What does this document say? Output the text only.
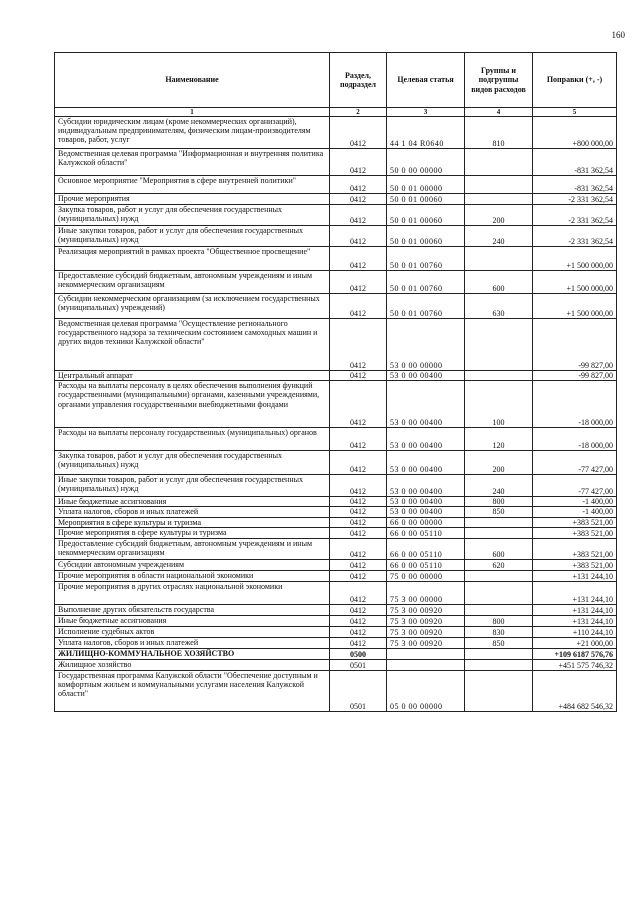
160
Наименование	Раздел, подраздел	Целевая статья	Группы и подгруппы видов расходов	Поправки (+, -)
1	2	3	4	5
Субсидии юридическим лицам (кроме некоммерческих организаций), индивидуальным предпринимателям, физическим лицам-производителям товаров, работ, услуг	0412	44 1 04 R0640	810	+800 000,00
Ведомственная целевая программа "Информационная и внутренняя политика Калужской области"	0412	50 0 00 00000		-831 362,54
Основное мероприятие "Мероприятия в сфере внутренней политики"	0412	50 0 01 00000		-831 362,54
Прочие мероприятия	0412	50 0 01 00060		-2 331 362,54
Закупка товаров, работ и услуг для обеспечения государственных (муниципальных) нужд	0412	50 0 01 00060	200	-2 331 362,54
Иные закупки товаров, работ и услуг для обеспечения государственных (муниципальных) нужд	0412	50 0 01 00060	240	-2 331 362,54
Реализация мероприятий в рамках проекта "Общественное просвещение"	0412	50 0 01 00760		+1 500 000,00
Предоставление субсидий бюджетным, автономным учреждениям и иным некоммерческим организациям	0412	50 0 01 00760	600	+1 500 000,00
Субсидии некоммерческим организациям (за исключением государственных (муниципальных) учреждений)	0412	50 0 01 00760	630	+1 500 000,00
Ведомственная целевая программа "Осуществление регионального государственного надзора за техническим состоянием самоходных машин и других видов техники Калужской области"	0412	53 0 00 00000		-99 827,00
Центральный аппарат	0412	53 0 00 00400		-99 827,00
Расходы на выплаты персоналу в целях обеспечения выполнения функций государственными (муниципальными) органами, казенными учреждениями, органами управления государственными внебюджетными фондами	0412	53 0 00 00400	100	-18 000,00
Расходы на выплаты персоналу государственных (муниципальных) органов	0412	53 0 00 00400	120	-18 000,00
Закупка товаров, работ и услуг для обеспечения государственных (муниципальных) нужд	0412	53 0 00 00400	200	-77 427,00
Иные закупки товаров, работ и услуг для обеспечения государственных (муниципальных) нужд	0412	53 0 00 00400	240	-77 427,00
Иные бюджетные ассигнования	0412	53 0 00 00400	800	-1 400,00
Уплата налогов, сборов и иных платежей	0412	53 0 00 00400	850	-1 400,00
Мероприятия в сфере культуры и туризма	0412	66 0 00 00000		+383 521,00
Прочие мероприятия в сфере культуры и туризма	0412	66 0 00 05110		+383 521,00
Предоставление субсидий бюджетным, автономным учреждениям и иным некоммерческим организациям	0412	66 0 00 05110	600	+383 521,00
Субсидии автономным учреждениям	0412	66 0 00 05110	620	+383 521,00
Прочие мероприятия в области национальной экономики	0412	75 0 00 00000		+131 244,10
Прочие мероприятия в других отраслях национальной экономики	0412	75 3 00 00000		+131 244,10
Выполнение других обязательств государства	0412	75 3 00 00920		+131 244,10
Иные бюджетные ассигнования	0412	75 3 00 00920	800	+131 244,10
Исполнение судебных актов	0412	75 3 00 00920	830	+110 244,10
Уплата налогов, сборов и иных платежей	0412	75 3 00 00920	850	+21 000,00
ЖИЛИЩНО-КОММУНАЛЬНОЕ ХОЗЯЙСТВО	0500			+109 6187 576,76
Жилищное хозяйство	0501			+451 575 746,32
Государственная программа Калужской области "Обеспечение доступным и комфортным жильем и коммунальными услугами населения Калужской области"	0501	05 0 00 00000		+484 682 546,32
